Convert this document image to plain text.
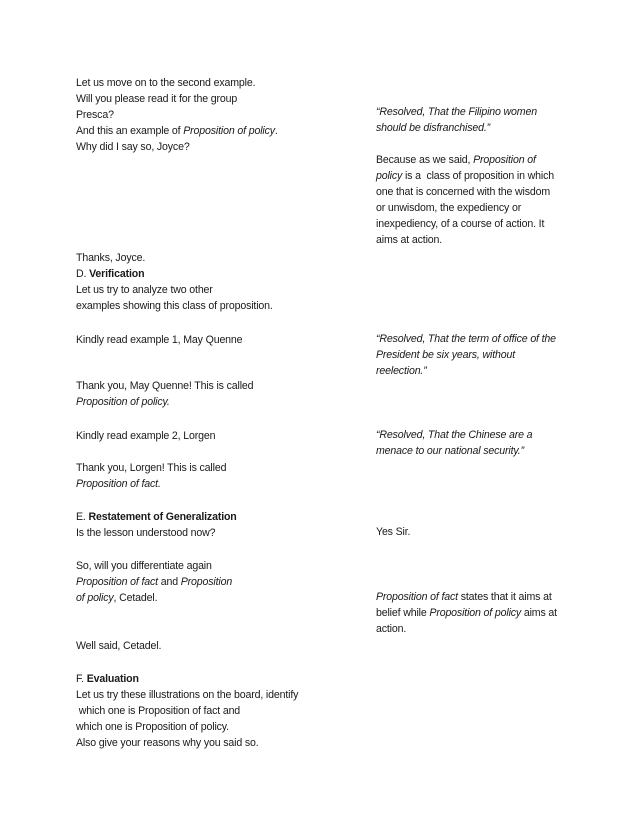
Let us move on to the second example.
Will you please read it for the group
Presca?
And this an example of Proposition of policy.
Why did I say so, Joyce?
Thanks, Joyce.
D. Verification
Let us try to analyze two other
examples showing this class of proposition.
Kindly read example 1, May Quenne
Thank you, May Quenne! This is called
Proposition of policy.
Kindly read example 2, Lorgen
Thank you, Lorgen! This is called
Proposition of fact.
E. Restatement of Generalization
Is the lesson understood now?
So, will you differentiate again
Proposition of fact and Proposition
of policy, Cetadel.
Well said, Cetadel.
F. Evaluation
Let us try these illustrations on the board, identify
which one is Proposition of fact and
which one is Proposition of policy.
Also give your reasons why you said so.
“Resolved, That the Filipino women
should be disfranchised.”
Because as we said, Proposition of
policy is a  class of proposition in which
one that is concerned with the wisdom
or unwisdom, the expediency or
inexpediency, of a course of action. It
aims at action.
“Resolved, That the term of office of the
President be six years, without
reelection.”
“Resolved, That the Chinese are a
menace to our national security.”
Yes Sir.
Proposition of fact states that it aims at
belief while Proposition of policy aims at
action.
